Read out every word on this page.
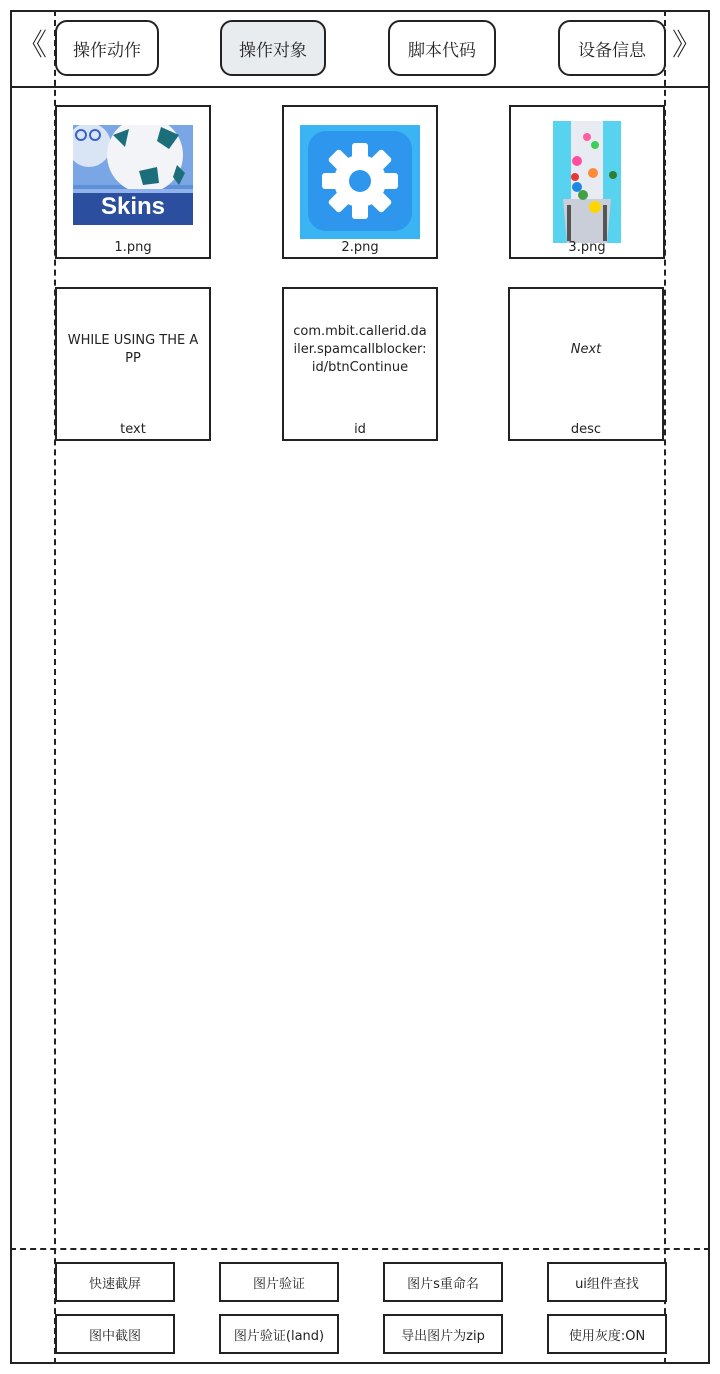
《	》
操作动作	操作对象	脚本代码	设备信息
Skins
1.png	2.png	3.png
WHILE USING THE APP
text
com.mbit.callerid.dailer.spamcallblocker:id/btnContinue
id
Next
desc
快速截屏	图片验证	图片s重命名	ui组件查找
图中截图	图片验证(land)	导出图片为zip	使用灰度:ON
